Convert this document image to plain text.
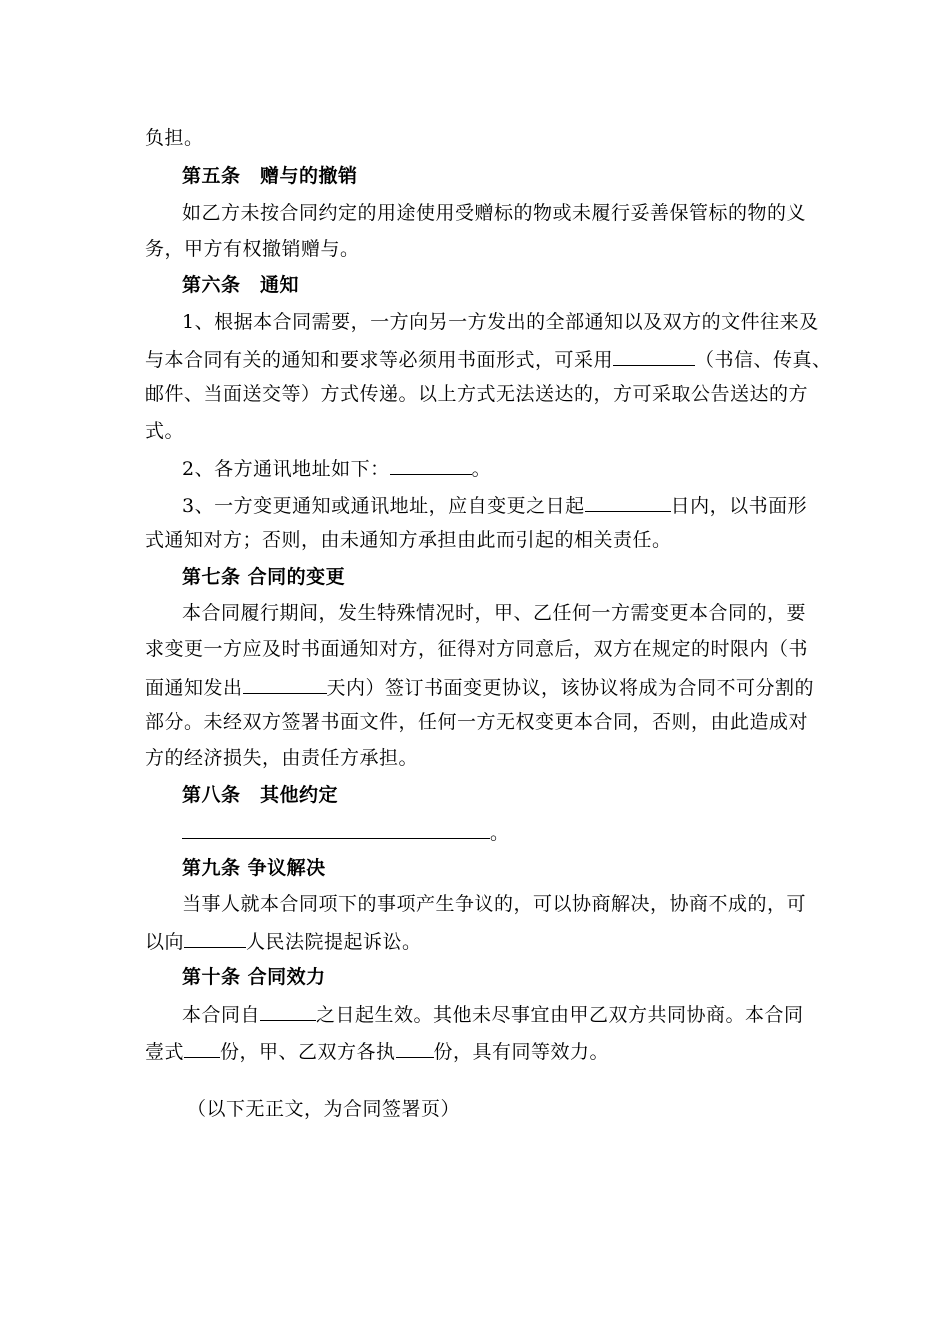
负担。
第五条　赠与的撤销
如乙方未按合同约定的用途使用受赠标的物或未履行妥善保管标的物的义
务，甲方有权撤销赠与。
第六条　通知
1、根据本合同需要，一方向另一方发出的全部通知以及双方的文件往来及
与本合同有关的通知和要求等必须用书面形式，可采用	（书信、传真、
邮件、当面送交等）方式传递。以上方式无法送达的，方可采取公告送达的方
式。
2、各方通讯地址如下：	。
3、一方变更通知或通讯地址，应自变更之日起	日内，以书面形
式通知对方；否则，由未通知方承担由此而引起的相关责任。
第七条 合同的变更
本合同履行期间，发生特殊情况时，甲、乙任何一方需变更本合同的，要
求变更一方应及时书面通知对方，征得对方同意后，双方在规定的时限内（书
面通知发出	天内）签订书面变更协议，该协议将成为合同不可分割的
部分。未经双方签署书面文件，任何一方无权变更本合同，否则，由此造成对
方的经济损失，由责任方承担。
第八条　其他约定
。
第九条 争议解决
当事人就本合同项下的事项产生争议的，可以协商解决，协商不成的，可
以向	人民法院提起诉讼。
第十条 合同效力
本合同自	之日起生效。其他未尽事宜由甲乙双方共同协商。本合同
壹式 份，甲、乙双方各执 份，具有同等效力。
（以下无正文，为合同签署页）
